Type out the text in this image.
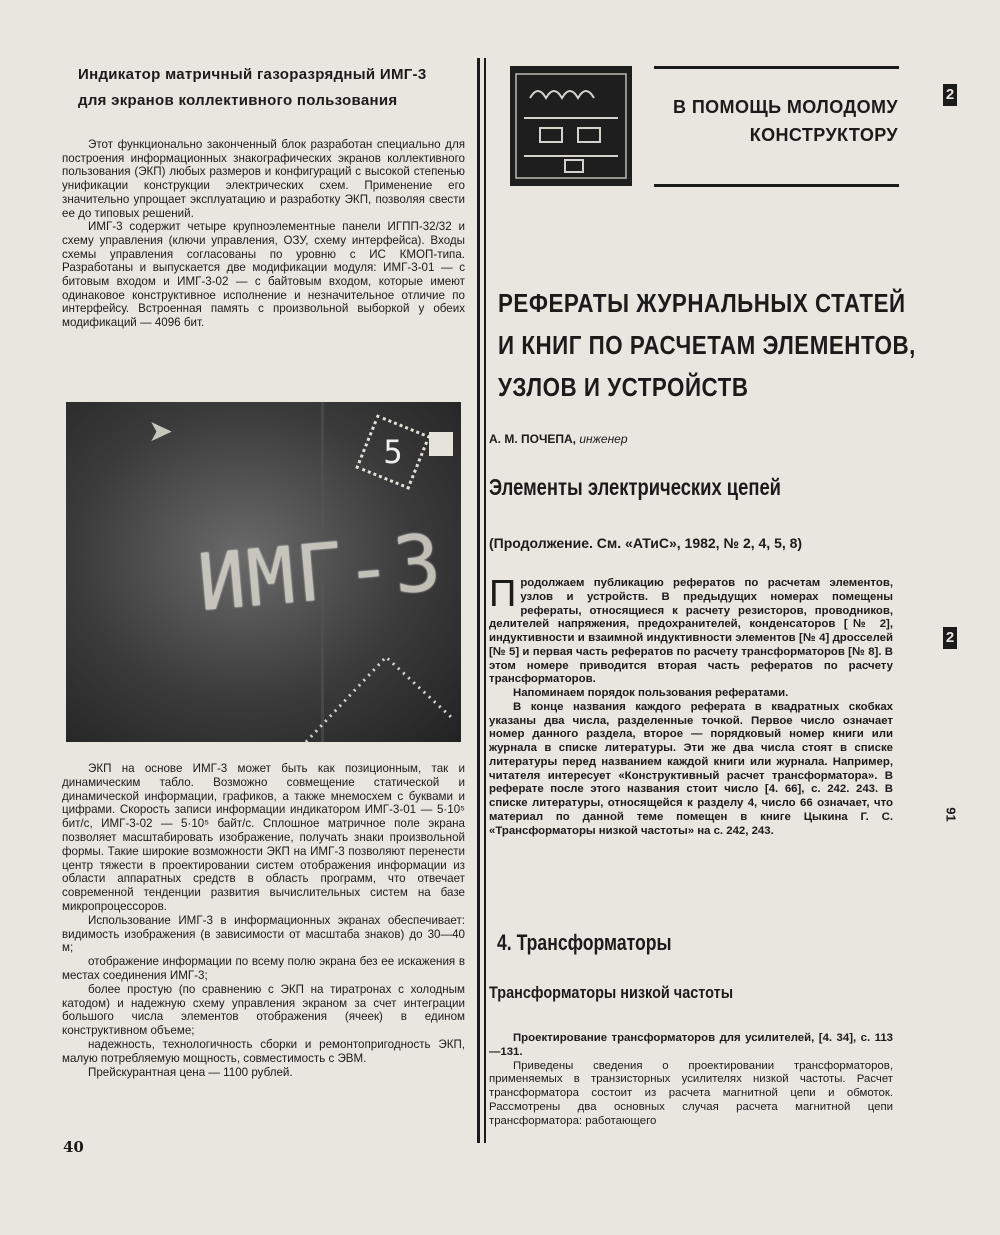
Индикатор матричный газоразрядный ИМГ-3
для экранов коллективного пользования

Этот функционально законченный блок разработан специально для построения информационных знакографических экранов коллективного пользования (ЭКП) любых размеров и конфигураций с высокой степенью унификации конструкции электрических схем. Применение его значительно упрощает эксплуатацию и разработку ЭКП, позволяя свести ее до типовых решений.

ИМГ-3 содержит четыре крупноэлементные панели ИГПП-32/32 и схему управления (ключи управления, ОЗУ, схему интерфейса). Входы схемы управления согласованы по уровню с ИС КМОП-типа. Разработаны и выпускается две модификации модуля: ИМГ-3-01 — с битовым входом и ИМГ-3-02 — с байтовым входом, которые имеют одинаковое конструктивное исполнение и незначительное отличие по интерфейсу. Встроенная память с произвольной выборкой у обеих модификаций — 4096 бит.

➤
5
ИМГ-3

ЭКП на основе ИМГ-3 может быть как позиционным, так и динамическим табло. Возможно совмещение статической и динамической информации, графиков, а также мнемосхем с буквами и цифрами. Скорость записи информации индикатором ИМГ-3-01 — 5·10⁵ бит/с, ИМГ-3-02 — 5·10⁵ байт/с. Сплошное матричное поле экрана позволяет масштабировать изображение, получать знаки произвольной формы. Такие широкие возможности ЭКП на ИМГ-3 позволяют перенести центр тяжести в проектировании систем отображения информации из области аппаратных средств в область программ, что отвечает современной тенденции развития вычислительных систем на базе микропроцессоров.

Использование ИМГ-3 в информационных экранах обеспечивает: видимость изображения (в зависимости от масштаба знаков) до 30—40 м;

отображение информации по всему полю экрана без ее искажения в местах соединения ИМГ-3;

более простую (по сравнению с ЭКП на тиратронах с холодным катодом) и надежную схему управления экраном за счет интеграции большого числа элементов отображения (ячеек) в едином конструктивном объеме;

надежность, технологичность сборки и ремонтопригодность ЭКП, малую потребляемую мощность, совместимость с ЭВМ.

Прейскурантная цена — 1100 рублей.

40
В ПОМОЩЬ МОЛОДОМУ
КОНСТРУКТОРУ
РЕФЕРАТЫ ЖУРНАЛЬНЫХ СТАТЕЙ
И КНИГ ПО РАСЧЕТАМ ЭЛЕМЕНТОВ,
УЗЛОВ И УСТРОЙСТВ
А. М. ПОЧЕПА, инженер
Элементы электрических цепей
(Продолжение. См. «АТиС», 1982, № 2, 4, 5, 8)

Продолжаем публикацию рефератов по расчетам элементов, узлов и устройств. В предыдущих номерах помещены рефераты, относящиеся к расчету резисторов, проводников, делителей напряжения, предохранителей, конденсаторов [№ 2], индуктивности и взаимной индуктивности элементов [№ 4] дросселей [№ 5] и первая часть рефератов по расчету трансформаторов [№ 8]. В этом номере приводится вторая часть рефератов по расчету трансформаторов.

Напоминаем порядок пользования рефератами.

В конце названия каждого реферата в квадратных скобках указаны два числа, разделенные точкой. Первое число означает номер данного раздела, второе — порядковый номер книги или журнала в списке литературы. Эти же два числа стоят в списке литературы перед названием каждой книги или журнала. Например, читателя интересует «Конструктивный расчет трансформатора». В реферате после этого названия стоит число [4. 66], с. 242. 243. В списке литературы, относящейся к разделу 4, число 66 означает, что материал по данной теме помещен в книге Цыкина Г. С. «Трансформаторы низкой частоты» на с. 242, 243.

4. Трансформаторы
Трансформаторы низкой частоты

Проектирование трансформаторов для усилителей, [4. 34], с. 113—131.

Приведены сведения о проектировании трансформаторов, применяемых в транзисторных усилителях низкой частоты. Расчет трансформатора состоит из расчета магнитной цепи и обмоток. Рассмотрены два основных случая расчета магнитной цепи трансформатора: работающего

2
2
91
